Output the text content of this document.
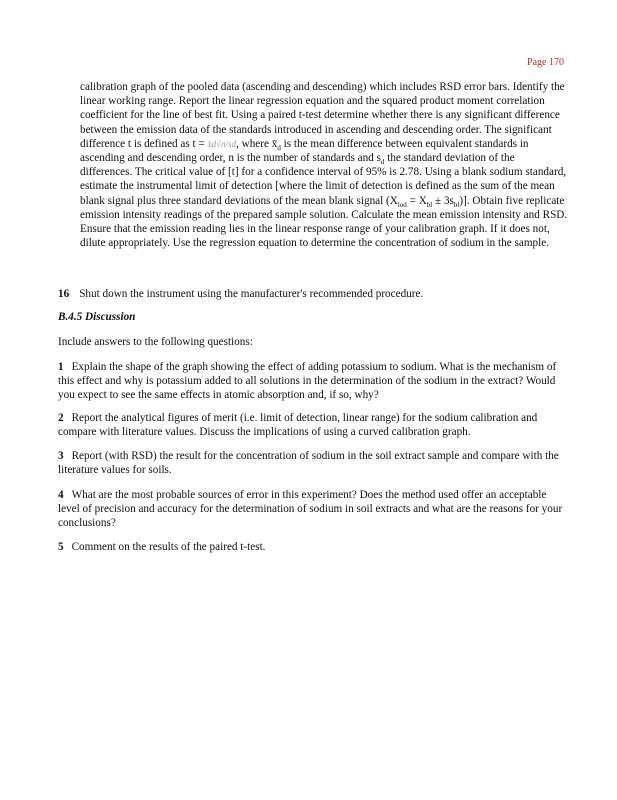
Page 170
calibration graph of the pooled data (ascending and descending) which includes RSD error bars. Identify the linear working range. Report the linear regression equation and the squared product moment correlation coefficient for the line of best fit. Using a paired t-test determine whether there is any significant difference between the emission data of the standards introduced in ascending and descending order. The significant difference t is defined as t = x̄d√n/sd, where $x̄_d$ is the mean difference between equivalent standards in ascending and descending order, n is the number of standards and $s_d$ the standard deviation of the differences. The critical value of [t] for a confidence interval of 95% is 2.78. Using a blank sodium standard, estimate the instrumental limit of detection [where the limit of detection is defined as the sum of the mean blank signal plus three standard deviations of the mean blank signal $(X_{lod} = X_{bl} \pm 3s_{bl})$]. Obtain five replicate emission intensity readings of the prepared sample solution. Calculate the mean emission intensity and RSD. Ensure that the emission reading lies in the linear response range of your calibration graph. If it does not, dilute appropriately. Use the regression equation to determine the concentration of sodium in the sample.
16 Shut down the instrument using the manufacturer's recommended procedure.
B.4.5 Discussion
Include answers to the following questions:
1 Explain the shape of the graph showing the effect of adding potassium to sodium. What is the mechanism of this effect and why is potassium added to all solutions in the determination of the sodium in the extract? Would you expect to see the same effects in atomic absorption and, if so, why?
2 Report the analytical figures of merit (i.e. limit of detection, linear range) for the sodium calibration and compare with literature values. Discuss the implications of using a curved calibration graph.
3 Report (with RSD) the result for the concentration of sodium in the soil extract sample and compare with the literature values for soils.
4 What are the most probable sources of error in this experiment? Does the method used offer an acceptable level of precision and accuracy for the determination of sodium in soil extracts and what are the reasons for your conclusions?
5 Comment on the results of the paired t-test.
